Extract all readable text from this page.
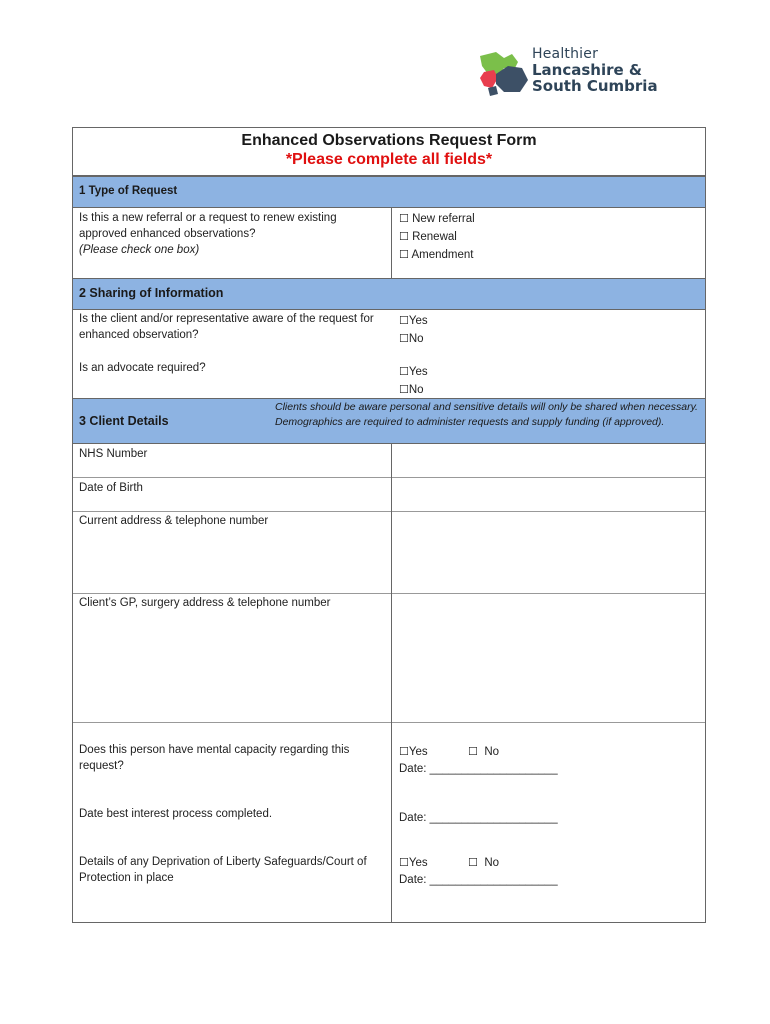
Healthier
Lancashire &
South Cumbria
Enhanced Observations Request Form
*Please complete all fields*
1 Type of Request
Is this a new referral or a request to renew existing approved enhanced observations?
(Please check one box)
☐ New referral
☐ Renewal
☐ Amendment
2 Sharing of Information
Is the client and/or representative aware of the request for enhanced observation?
☐Yes
☐No
Is an advocate required?	☐Yes
☐No
3 Client Details
Clients should be aware personal and sensitive details will only be shared when necessary. Demographics are required to administer requests and supply funding (if approved).
NHS Number
Date of Birth
Current address & telephone number
Client’s GP, surgery address & telephone number
Does this person have mental capacity regarding this request?
☐Yes	☐ No
Date: ____________________
Date best interest process completed.	Date: ____________________
Details of any Deprivation of Liberty Safeguards/Court of Protection in place
☐Yes	☐ No
Date: ____________________
